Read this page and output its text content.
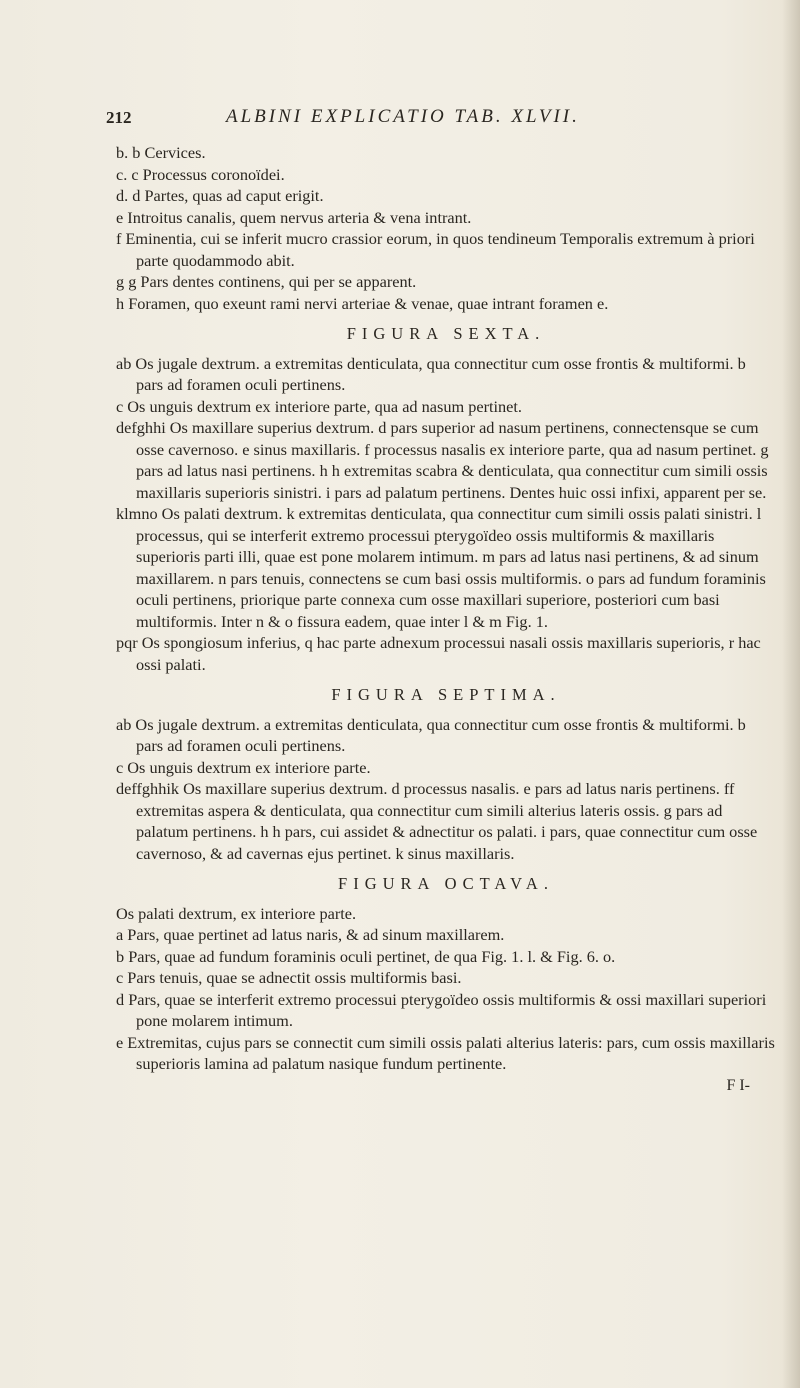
212	ALBINI EXPLICATIO TAB. XLVII.

b. b Cervices.

c. c Processus coronoïdei.

d. d Partes, quas ad caput erigit.

e Introitus canalis, quem nervus arteria & vena intrant.

f Eminentia, cui se inferit mucro crassior eorum, in quos tendineum Temporalis extremum à priori parte quodammodo abit.

g g Pars dentes continens, qui per se apparent.

h Foramen, quo exeunt rami nervi arteriae & venae, quae intrant foramen e.

FIGURA SEXTA.

ab Os jugale dextrum. a extremitas denticulata, qua connectitur cum osse frontis & multiformi. b pars ad foramen oculi pertinens.

c Os unguis dextrum ex interiore parte, qua ad nasum pertinet.

defghhi Os maxillare superius dextrum. d pars superior ad nasum pertinens, connectensque se cum osse cavernoso. e sinus maxillaris. f processus nasalis ex interiore parte, qua ad nasum pertinet. g pars ad latus nasi pertinens. h h extremitas scabra & denticulata, qua connectitur cum simili ossis maxillaris superioris sinistri. i pars ad palatum pertinens. Dentes huic ossi infixi, apparent per se.

klmno Os palati dextrum. k extremitas denticulata, qua connectitur cum simili ossis palati sinistri. l processus, qui se interferit extremo processui pterygoïdeo ossis multiformis & maxillaris superioris parti illi, quae est pone molarem intimum. m pars ad latus nasi pertinens, & ad sinum maxillarem. n pars tenuis, connectens se cum basi ossis multiformis. o pars ad fundum foraminis oculi pertinens, priorique parte connexa cum osse maxillari superiore, posteriori cum basi multiformis. Inter n & o fissura eadem, quae inter l & m Fig. 1.

pqr Os spongiosum inferius, q hac parte adnexum processui nasali ossis maxillaris superioris, r hac ossi palati.

FIGURA SEPTIMA.

ab Os jugale dextrum. a extremitas denticulata, qua connectitur cum osse frontis & multiformi. b pars ad foramen oculi pertinens.

c Os unguis dextrum ex interiore parte.

deffghhik Os maxillare superius dextrum. d processus nasalis. e pars ad latus naris pertinens. ff extremitas aspera & denticulata, qua connectitur cum simili alterius lateris ossis. g pars ad palatum pertinens. h h pars, cui assidet & adnectitur os palati. i pars, quae connectitur cum osse cavernoso, & ad cavernas ejus pertinet. k sinus maxillaris.

FIGURA OCTAVA.

Os palati dextrum, ex interiore parte.

a Pars, quae pertinet ad latus naris, & ad sinum maxillarem.

b Pars, quae ad fundum foraminis oculi pertinet, de qua Fig. 1. l. & Fig. 6. o.

c Pars tenuis, quae se adnectit ossis multiformis basi.

d Pars, quae se interferit extremo processui pterygoïdeo ossis multiformis & ossi maxillari superiori pone molarem intimum.

e Extremitas, cujus pars se connectit cum simili ossis palati alterius lateris: pars, cum ossis maxillaris superioris lamina ad palatum nasique fundum pertinente.

F I-
